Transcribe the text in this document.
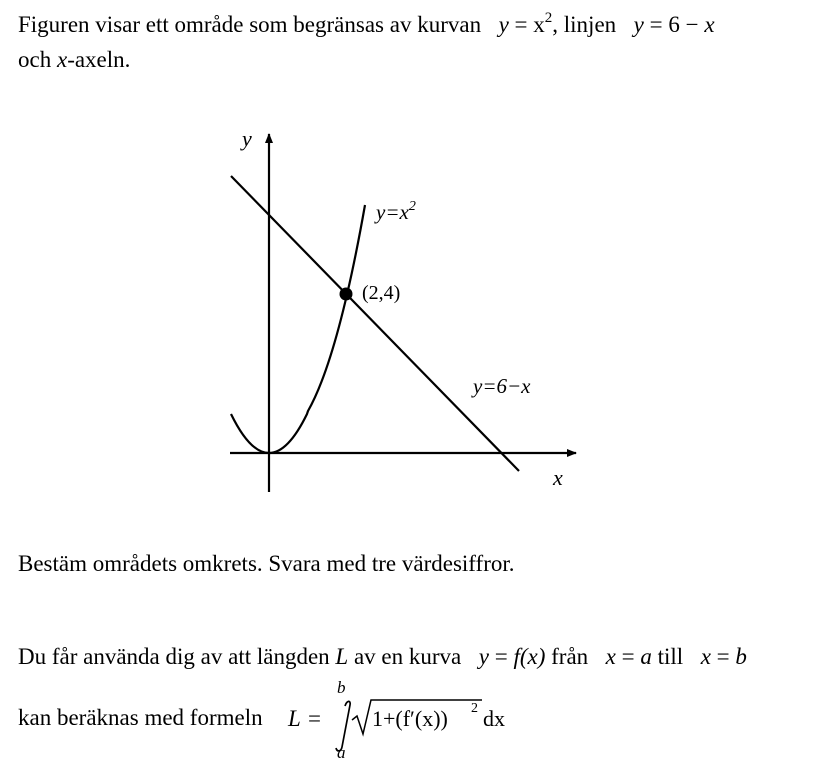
Figuren visar ett område som begränsas av kurvan $y = x^2$, linjen y = 6 − x
och x-axeln.
y
x
$y=x^2$
(2,4)
y=6−x
Bestäm områdets omkrets. Svara med tre värdesiffror.
Du får använda dig av att längden L av en kurva y = f(x) från x = a till x = b
kan beräknas med formeln L =
b
a
1+(f′(x)) 2 dx
